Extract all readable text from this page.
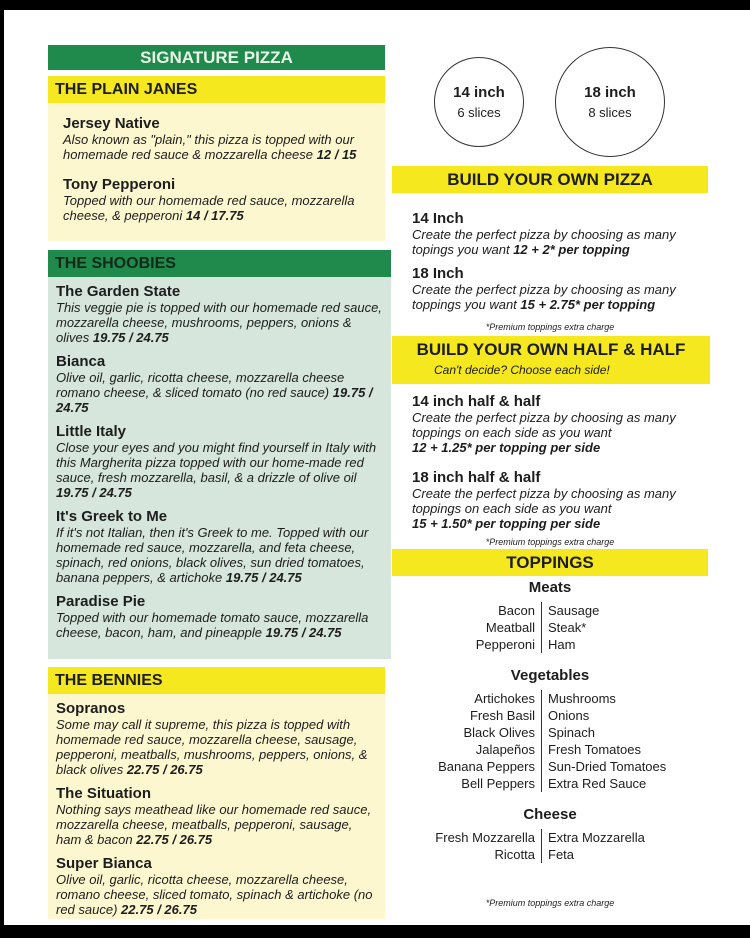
SIGNATURE PIZZA
THE PLAIN JANES
Jersey Native
Also known as "plain," this pizza is topped with our homemade red sauce & mozzarella cheese 12 / 15
Tony Pepperoni
Topped with our homemade red sauce, mozzarella cheese, & pepperoni 14 / 17.75
THE SHOOBIES
The Garden State
This veggie pie is topped with our homemade red sauce, mozzarella cheese, mushrooms, peppers, onions & olives 19.75 / 24.75
Bianca
Olive oil, garlic, ricotta cheese, mozzarella cheese romano cheese, & sliced tomato (no red sauce) 19.75 / 24.75
Little Italy
Close your eyes and you might find yourself in Italy with this Margherita pizza topped with our home-made red sauce, fresh mozzarella, basil, & a drizzle of olive oil 19.75 / 24.75
It's Greek to Me
If it's not Italian, then it's Greek to me. Topped with our homemade red sauce, mozzarella, and feta cheese, spinach, red onions, black olives, sun dried tomatoes, banana peppers, & artichoke 19.75 / 24.75
Paradise Pie
Topped with our homemade tomato sauce, mozzarella cheese, bacon, ham, and pineapple 19.75 / 24.75
THE BENNIES
Sopranos
Some may call it supreme, this pizza is topped with homemade red sauce, mozzarella cheese, sausage, pepperoni, meatballs, mushrooms, peppers, onions, & black olives 22.75 / 26.75
The Situation
Nothing says meathead like our homemade red sauce, mozzarella cheese, meatballs, pepperoni, sausage, ham & bacon 22.75 / 26.75
Super Bianca
Olive oil, garlic, ricotta cheese, mozzarella cheese, romano cheese, sliced tomato, spinach & artichoke (no red sauce) 22.75 / 26.75
14 inch
6 slices
18 inch
8 slices
BUILD YOUR OWN PIZZA
14 Inch
Create the perfect pizza by choosing as many topings you want 12 + 2* per topping
18 Inch
Create the perfect pizza by choosing as many toppings you want 15 + 2.75* per topping
*Premium toppings extra charge
BUILD YOUR OWN HALF & HALF
Can't decide? Choose each side!
14 inch half & half
Create the perfect pizza by choosing as many toppings on each side as you want
12 + 1.25* per topping per side
18 inch half & half
Create the perfect pizza by choosing as many toppings on each side as you want
15 + 1.50* per topping per side
*Premium toppings extra charge
TOPPINGS
Meats
Bacon
Meatball
Pepperoni
Sausage
Steak*
Ham
Vegetables
Artichokes
Fresh Basil
Black Olives
Jalapeños
Banana Peppers
Bell Peppers
Mushrooms
Onions
Spinach
Fresh Tomatoes
Sun-Dried Tomatoes
Extra Red Sauce
Cheese
Fresh Mozzarella
Ricotta
Extra Mozzarella
Feta
*Premium toppings extra charge
